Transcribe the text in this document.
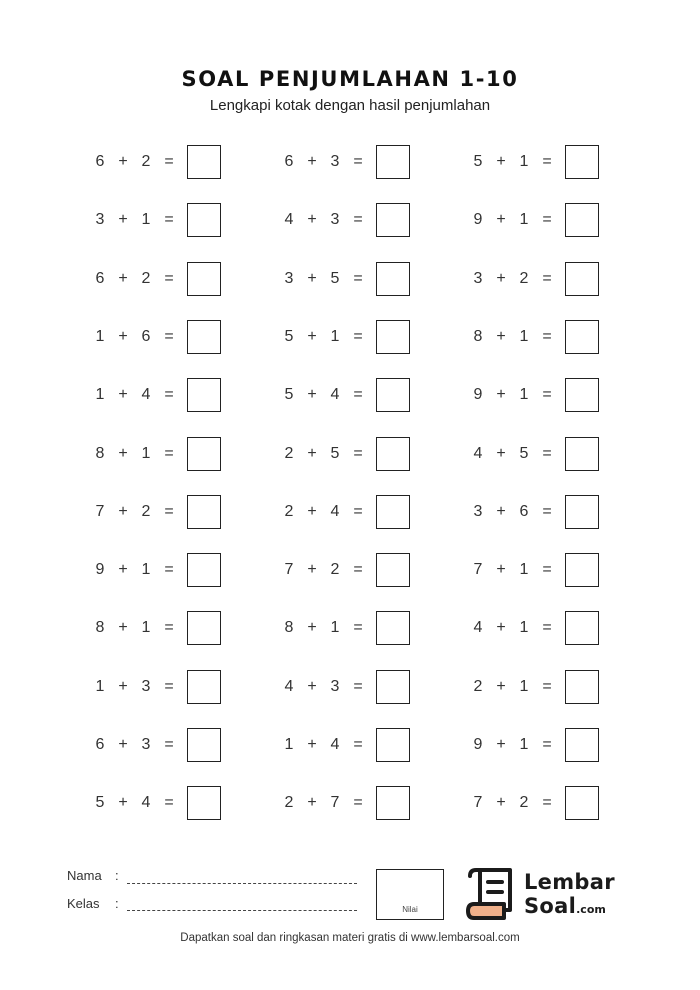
SOAL PENJUMLAHAN 1-10
Lengkapi kotak dengan hasil penjumlahan
6 + 2 =	6 + 3 =	5 + 1 =
3 + 1 =	4 + 3 =	9 + 1 =
6 + 2 =	3 + 5 =	3 + 2 =
1 + 6 =	5 + 1 =	8 + 1 =
1 + 4 =	5 + 4 =	9 + 1 =
8 + 1 =	2 + 5 =	4 + 5 =
7 + 2 =	2 + 4 =	3 + 6 =
9 + 1 =	7 + 2 =	7 + 1 =
8 + 1 =	8 + 1 =	4 + 1 =
1 + 3 =	4 + 3 =	2 + 1 =
6 + 3 =	1 + 4 =	9 + 1 =
5 + 4 =	2 + 7 =	7 + 2 =
Nama :
Kelas :	Nilai
Lembar
Soal.com
Dapatkan soal dan ringkasan materi gratis di www.lembarsoal.com
